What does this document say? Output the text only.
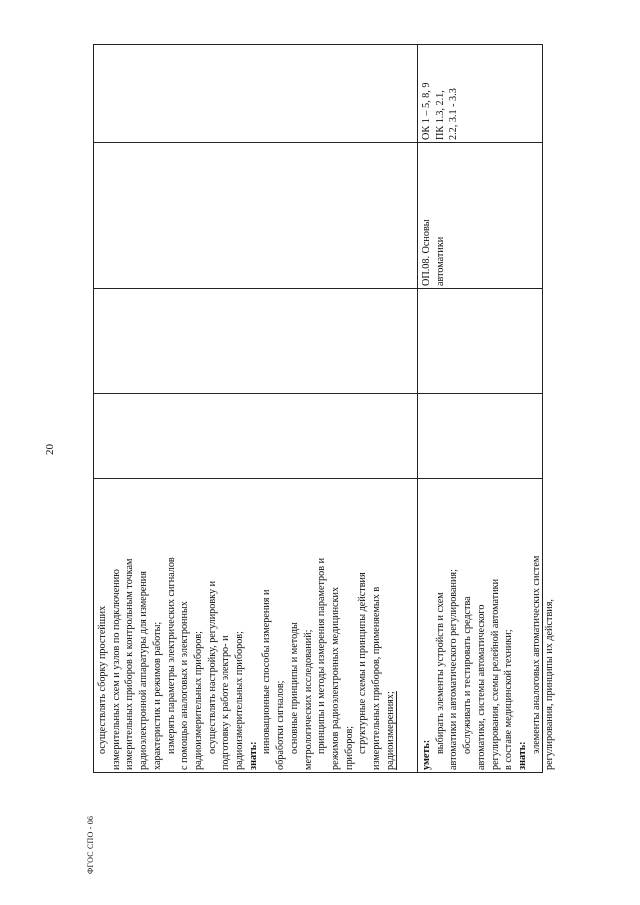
20
ФГОС СПО - 06
осуществлять сборку простейших измерительных схем и узлов по подключению измерительных приборов к контрольным точкам радиоэлектронной аппаратуры для измерения характеристик и режимов работы; измерять параметры электрических сигналов с помощью аналоговых и электронных радиоизмерительных приборов; осуществлять настройку, регулировку и подготовку к работе электро- и радиоизмерительных приборов; знать:
инновационные способы измерения и обработки сигналов; основные принципы и методы метрологических исследований; принципы и методы измерения параметров и режимов радиоэлектронных медицинских приборов; структурные схемы и принципы действия измерительных приборов, применяемых в радиоизмерениях;
ОК 1 – 5, 8, 9 ПК 1.3, 2.1, 2.2, 3.1 - 3.3
уметь:
выбирать элементы устройств и схем автоматики и автоматического регулирования; обслуживать и тестировать средства автоматики, системы автоматического регулирования, схемы релейной автоматики в составе медицинской техники; знать:
элементы аналоговых автоматических систем регулирования, принципы их действия,
ОП.08. Основы автоматики
